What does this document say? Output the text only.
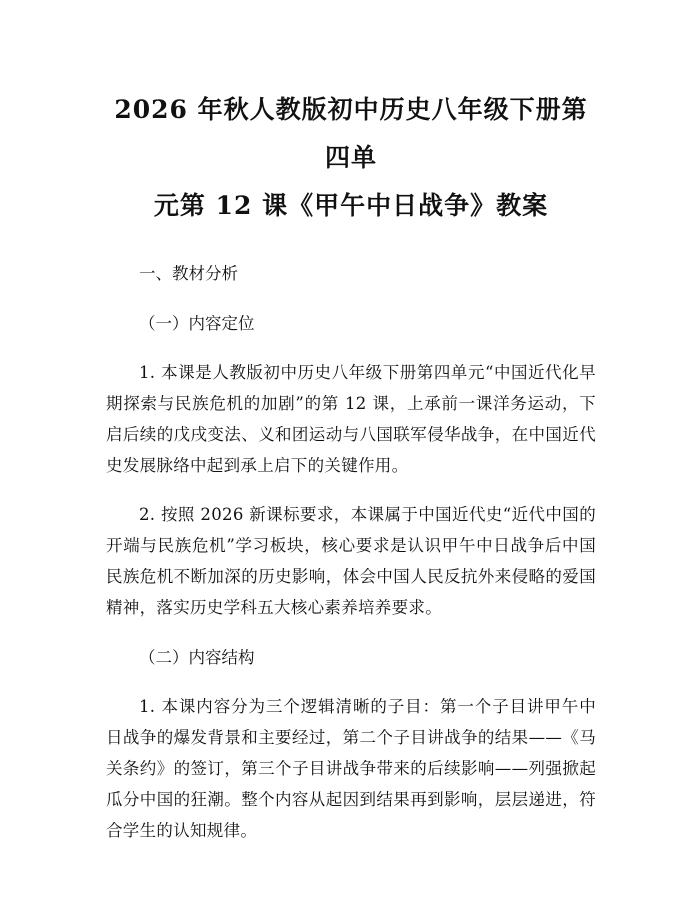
2026 年秋人教版初中历史八年级下册第四单
元第 12 课《甲午中日战争》教案

一、教材分析

（一）内容定位

1. 本课是人教版初中历史八年级下册第四单元“中国近代化早期探索与民族危机的加剧”的第 12 课，上承前一课洋务运动，下启后续的戊戌变法、义和团运动与八国联军侵华战争，在中国近代史发展脉络中起到承上启下的关键作用。

2. 按照 2026 新课标要求，本课属于中国近代史“近代中国的开端与民族危机”学习板块，核心要求是认识甲午中日战争后中国民族危机不断加深的历史影响，体会中国人民反抗外来侵略的爱国精神，落实历史学科五大核心素养培养要求。

（二）内容结构

1. 本课内容分为三个逻辑清晰的子目：第一个子目讲甲午中日战争的爆发背景和主要经过，第二个子目讲战争的结果——《马关条约》的签订，第三个子目讲战争带来的后续影响——列强掀起瓜分中国的狂潮。整个内容从起因到结果再到影响，层层递进，符合学生的认知规律。
